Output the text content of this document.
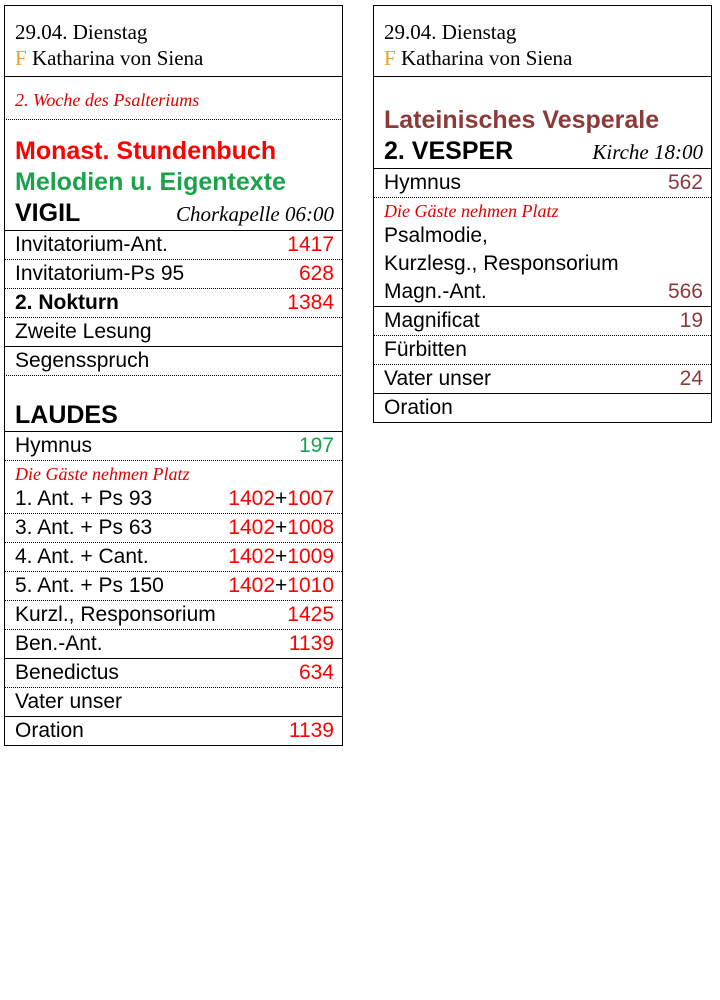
29.04. Dienstag
F Katharina von Siena
2. Woche des Psalteriums
Monast. Stundenbuch
Melodien u. Eigentexte
VIGIL	Chorkapelle 06:00
Invitatorium-Ant.	1417
Invitatorium-Ps 95	628
2. Nokturn	1384
Zweite Lesung
Segensspruch
LAUDES
Hymnus	197
Die Gäste nehmen Platz
1. Ant. + Ps 93	1402+1007
3. Ant. + Ps 63	1402+1008
4. Ant. + Cant.	1402+1009
5. Ant. + Ps 150	1402+1010
Kurzl., Responsorium	1425
Ben.-Ant.	1139
Benedictus	634
Vater unser
Oration	1139
29.04. Dienstag
F Katharina von Siena
Lateinisches Vesperale
2. VESPER	Kirche 18:00
Hymnus	562
Die Gäste nehmen Platz
Psalmodie,
Kurzlesg., Responsorium
Magn.-Ant.	566
Magnificat	19
Fürbitten
Vater unser	24
Oration
